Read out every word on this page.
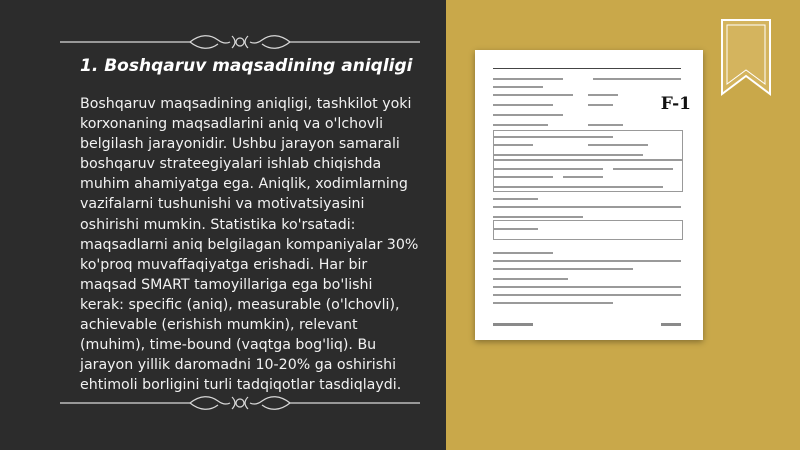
1. Boshqaruv maqsadining aniqligi

Boshqaruv maqsadining aniqligi, tashkilot yoki korxonaning maqsadlarini aniq va o'lchovli belgilash jarayonidir. Ushbu jarayon samarali boshqaruv strateegiyalari ishlab chiqishda muhim ahamiyatga ega. Aniqlik, xodimlarning vazifalarni tushunishi va motivatsiyasini oshirishi mumkin. Statistika ko'rsatadi: maqsadlarni aniq belgilagan kompaniyalar 30% ko'proq muvaffaqiyatga erishadi. Har bir maqsad SMART tamoyillariga ega bo'lishi kerak: specific (aniq), measurable (o'lchovli), achievable (erishish mumkin), relevant (muhim), time-bound (vaqtga bog'liq). Bu jarayon yillik daromadni 10-20% ga oshirishi ehtimoli borligini turli tadqiqotlar tasdiqlaydi.

F-1
